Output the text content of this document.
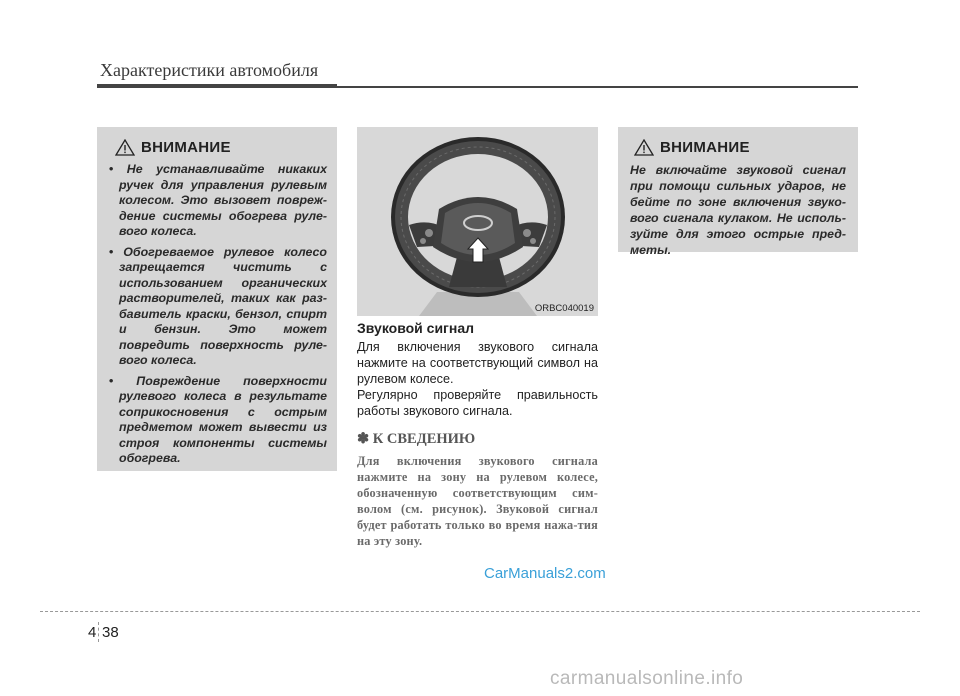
Характеристики автомобиля
ВНИМАНИЕ
• Не устанавливайте никаких ручек для управления рулевым колесом. Это вызовет повреж-дение системы обогрева руле-вого колеса.
• Обогреваемое рулевое колесо запрещается чистить с использованием органических растворителей, таких как раз-бавитель краски, бензол, спирт и бензин. Это может повредить поверхность руле-вого колеса.
• Повреждение поверхности рулевого колеса в результате соприкосновения с острым предметом может вывести из строя компоненты системы обогрева.
ORBC040019
Звуковой сигнал

Для включения звукового сигнала нажмите на соответствующий символ на рулевом колесе.

Регулярно проверяйте правильность работы звукового сигнала.

✽ К СВЕДЕНИЮ

Для включения звукового сигнала нажмите на зону на рулевом колесе, обозначенную соответствующим сим-волом (см. рисунок). Звуковой сигнал будет работать только во время нажа-тия на эту зону.

ВНИМАНИЕ

Не включайте звуковой сигнал при помощи сильных ударов, не бейте по зоне включения звуко-вого сигнала кулаком. Не исполь-зуйте для этого острые пред-меты.

CarManuals2.com
4 38
carmanualsonline.info
